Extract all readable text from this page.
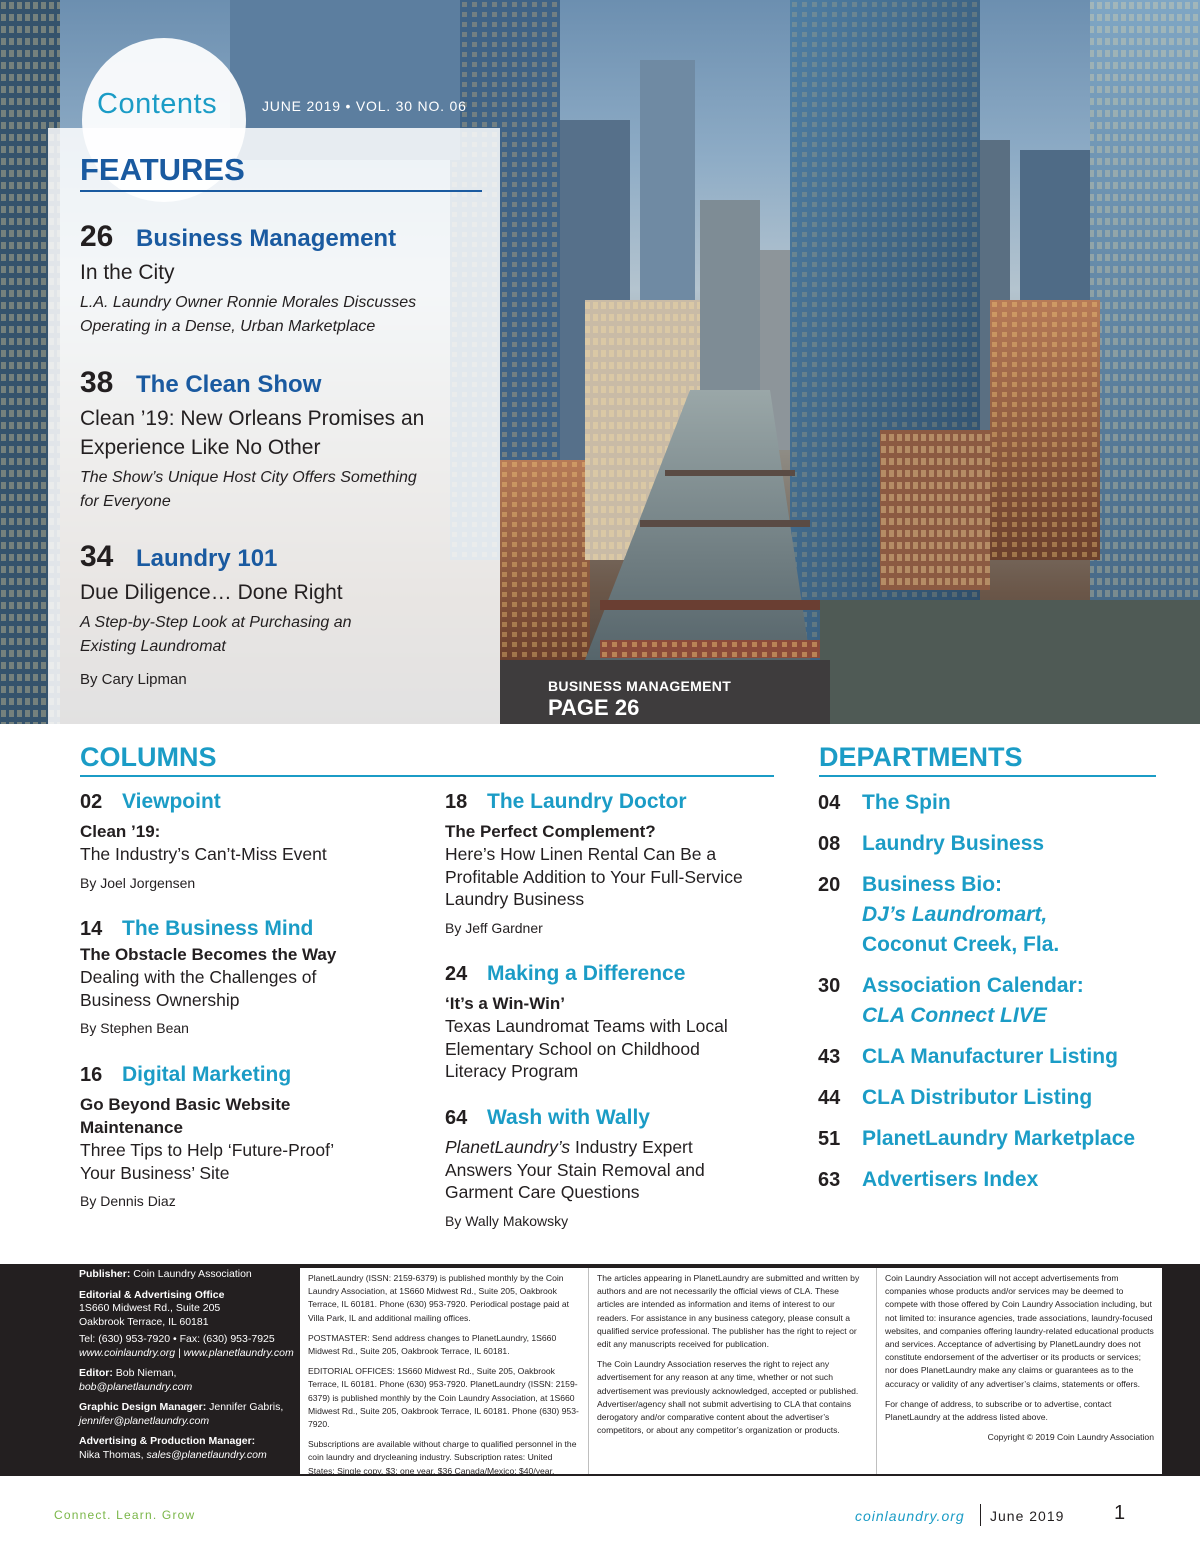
Contents	JUNE 2019 • VOL. 30 NO. 06
FEATURES
26 Business Management
In the City
L.A. Laundry Owner Ronnie Morales Discusses
Operating in a Dense, Urban Marketplace
38 The Clean Show
Clean ’19: New Orleans Promises an
Experience Like No Other
The Show’s Unique Host City Offers Something
for Everyone
34 Laundry 101
Due Diligence… Done Right
A Step-by-Step Look at Purchasing an
Existing Laundromat
By Cary Lipman	BUSINESS MANAGEMENT
PAGE 26
COLUMNS
02 Viewpoint
Clean ’19:
The Industry’s Can’t-Miss Event
By Joel Jorgensen
14 The Business Mind
The Obstacle Becomes the Way
Dealing with the Challenges of
Business Ownership
By Stephen Bean
16 Digital Marketing
Go Beyond Basic Website
Maintenance
Three Tips to Help ‘Future-Proof’
Your Business’ Site
By Dennis Diaz
18 The Laundry Doctor
The Perfect Complement?
Here’s How Linen Rental Can Be a
Profitable Addition to Your Full-Service
Laundry Business
By Jeff Gardner
24 Making a Difference
‘It’s a Win-Win’
Texas Laundromat Teams with Local
Elementary School on Childhood
Literacy Program
64 Wash with Wally
PlanetLaundry’s Industry Expert
Answers Your Stain Removal and
Garment Care Questions
By Wally Makowsky
DEPARTMENTS
04	The Spin
08	Laundry Business
20	Business Bio:
DJ’s Laundromart,
Coconut Creek, Fla.
30	Association Calendar:
CLA Connect LIVE
43	CLA Manufacturer Listing
44	CLA Distributor Listing
51	PlanetLaundry Marketplace
63	Advertisers Index
Publisher: Coin Laundry Association
Editorial & Advertising Office
1S660 Midwest Rd., Suite 205
Oakbrook Terrace, IL 60181
Tel: (630) 953-7920 • Fax: (630) 953-7925
www.coinlaundry.org | www.planetlaundry.com
Editor: Bob Nieman,
bob@planetlaundry.com
Graphic Design Manager: Jennifer Gabris,
jennifer@planetlaundry.com
Advertising & Production Manager:
Nika Thomas, sales@planetlaundry.com

PlanetLaundry (ISSN: 2159-6379) is published monthly by the Coin Laundry Association, at 1S660 Midwest Rd., Suite 205, Oakbrook Terrace, IL 60181. Phone (630) 953-7920. Periodical postage paid at Villa Park, IL and additional mailing offices.

POSTMASTER: Send address changes to PlanetLaundry, 1S660 Midwest Rd., Suite 205, Oakbrook Terrace, IL 60181.

EDITORIAL OFFICES: 1S660 Midwest Rd., Suite 205, Oakbrook Terrace, IL 60181. Phone (630) 953-7920. PlanetLaundry (ISSN: 2159-6379) is published monthly by the Coin Laundry Association, at 1S660 Midwest Rd., Suite 205, Oakbrook Terrace, IL 60181. Phone (630) 953-7920.

Subscriptions are available without charge to qualified personnel in the coin laundry and drycleaning industry. Subscription rates: United States: Single copy, $3; one year, $36 Canada/Mexico: $40/year.

The articles appearing in PlanetLaundry are submitted and written by authors and are not necessarily the official views of CLA. These articles are intended as information and items of interest to our readers. For assistance in any business category, please consult a qualified service professional. The publisher has the right to reject or edit any manuscripts received for publication.

The Coin Laundry Association reserves the right to reject any advertisement for any reason at any time, whether or not such advertisement was previously acknowledged, accepted or published. Advertiser/agency shall not submit advertising to CLA that contains derogatory and/or comparative content about the advertiser’s competitors, or about any competitor’s organization or products.

Coin Laundry Association will not accept advertisements from companies whose products and/or services may be deemed to compete with those offered by Coin Laundry Association including, but not limited to: insurance agencies, trade associations, laundry-focused websites, and companies offering laundry-related educational products and services. Acceptance of advertising by PlanetLaundry does not constitute endorsement of the advertiser or its products or services; nor does PlanetLaundry make any claims or guarantees as to the accuracy or validity of any advertiser’s claims, statements or offers.

For change of address, to subscribe or to advertise, contact PlanetLaundry at the address listed above.

Copyright © 2019 Coin Laundry Association

Connect. Learn. Grow	coinlaundry.org June 2019 1
